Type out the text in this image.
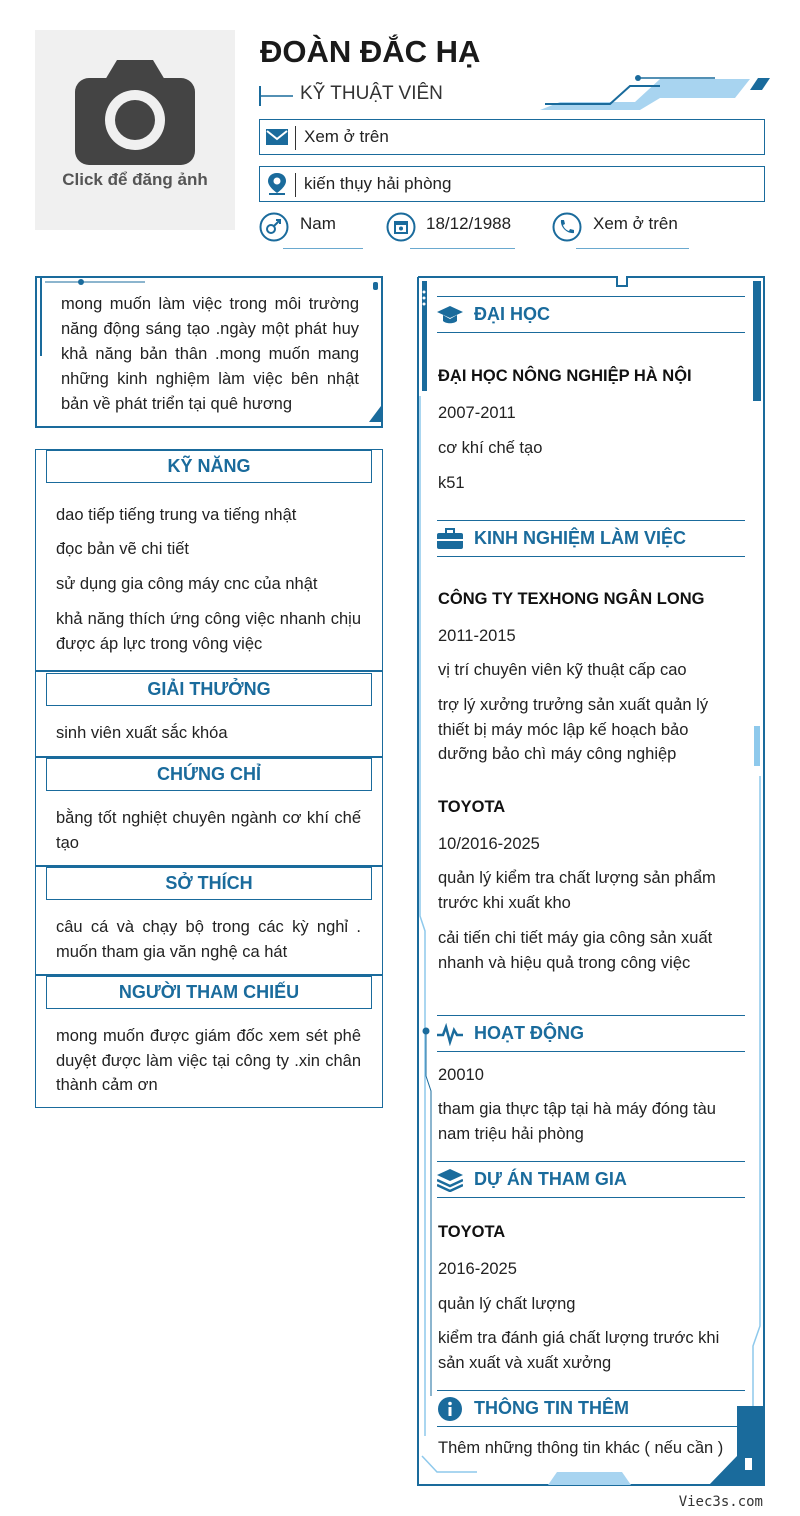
Click để đăng ảnh
ĐOÀN ĐẮC HẠ
KỸ THUẬT VIÊN
Xem ở trên
kiến thụy hải phòng
Nam	18/12/1988	Xem ở trên
mong muốn làm việc trong môi trường năng động sáng tạo .ngày một phát huy khả năng bản thân .mong muốn mang những kinh nghiệm làm việc bên nhật bản về phát triển tại quê hương
KỸ NĂNG
dao tiếp tiếng trung va tiếng nhật
đọc bản vẽ chi tiết
sử dụng gia công máy cnc của nhật
khả năng thích ứng công việc nhanh chịu được áp lực trong vông việc
GIẢI THƯỞNG
sinh viên xuất sắc khóa
CHỨNG CHỈ
bằng tốt nghiệt chuyên ngành cơ khí chế tạo
SỞ THÍCH
câu cá và chạy bộ trong các kỳ nghỉ . muốn tham gia văn nghệ ca hát
NGƯỜI THAM CHIẾU
mong muốn được giám đốc xem sét phê duyệt được làm việc tại công ty .xin chân thành cảm ơn
ĐẠI HỌC
ĐẠI HỌC NÔNG NGHIỆP HÀ NỘI
2007-2011
cơ khí chế tạo
k51
KINH NGHIỆM LÀM VIỆC
CÔNG TY TEXHONG NGÂN LONG
2011-2015
vị trí chuyên viên kỹ thuật cấp cao
trợ lý xưởng trưởng sản xuất quản lý thiết bị máy móc lập kế hoạch bảo dưỡng bảo chì máy công nghiệp
TOYOTA
10/2016-2025
quản lý kiểm tra chất lượng sản phẩm trước khi xuất kho
cải tiến chi tiết máy gia công sản xuất nhanh và hiệu quả trong công việc
HOẠT ĐỘNG
20010
tham gia thực tập tại hà máy đóng tàu nam triệu hải phòng
DỰ ÁN THAM GIA
TOYOTA
2016-2025
quản lý chất lượng
kiểm tra đánh giá chất lượng trước khi sản xuất và xuất xưởng
THÔNG TIN THÊM
Thêm những thông tin khác ( nếu cần )
Viec3s.com
